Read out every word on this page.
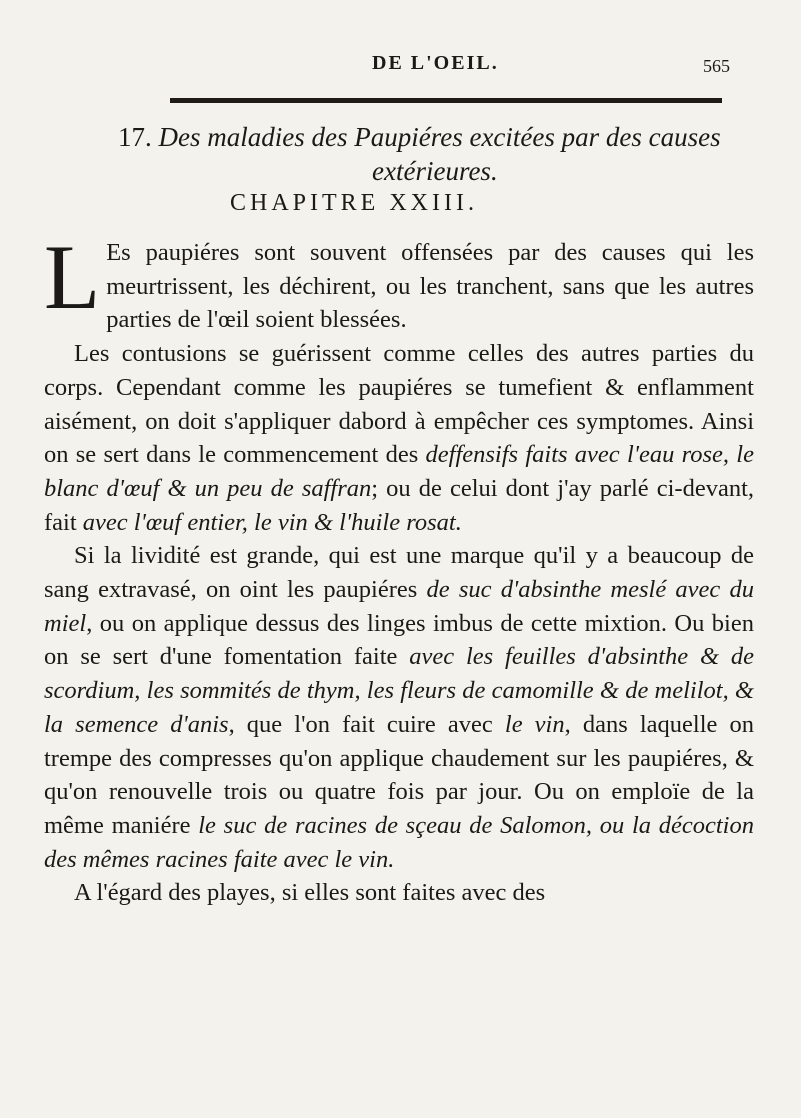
DE L'OEIL.	565
17. Des maladies des Paupiéres excitées par des causes
extérieures.
CHAPITRE XXIII.

L Es paupiéres sont souvent offensées par des causes qui les meurtrissent, les déchirent, ou les tranchent, sans que les autres parties de l'œil soient blessées.

Les contusions se guérissent comme celles des autres parties du corps. Cependant comme les paupiéres se tumefient & enflamment aisément, on doit s'appliquer dabord à empêcher ces symptomes. Ainsi on se sert dans le commencement des deffensifs faits avec l'eau rose, le blanc d'œuf & un peu de saffran; ou de celui dont j'ay parlé ci-devant, fait avec l'œuf entier, le vin & l'huile rosat.

Si la lividité est grande, qui est une marque qu'il y a beaucoup de sang extravasé, on oint les paupiéres de suc d'absinthe meslé avec du miel, ou on applique dessus des linges imbus de cette mixtion. Ou bien on se sert d'une fomentation faite avec les feuilles d'absinthe & de scordium, les sommités de thym, les fleurs de camomille & de melilot, & la semence d'anis, que l'on fait cuire avec le vin, dans laquelle on trempe des compresses qu'on applique chaudement sur les paupiéres, & qu'on renouvelle trois ou quatre fois par jour. Ou on emploïe de la même maniére le suc de racines de sçeau de Salomon, ou la décoction des mêmes racines faite avec le vin.

A l'égard des playes, si elles sont faites avec des
